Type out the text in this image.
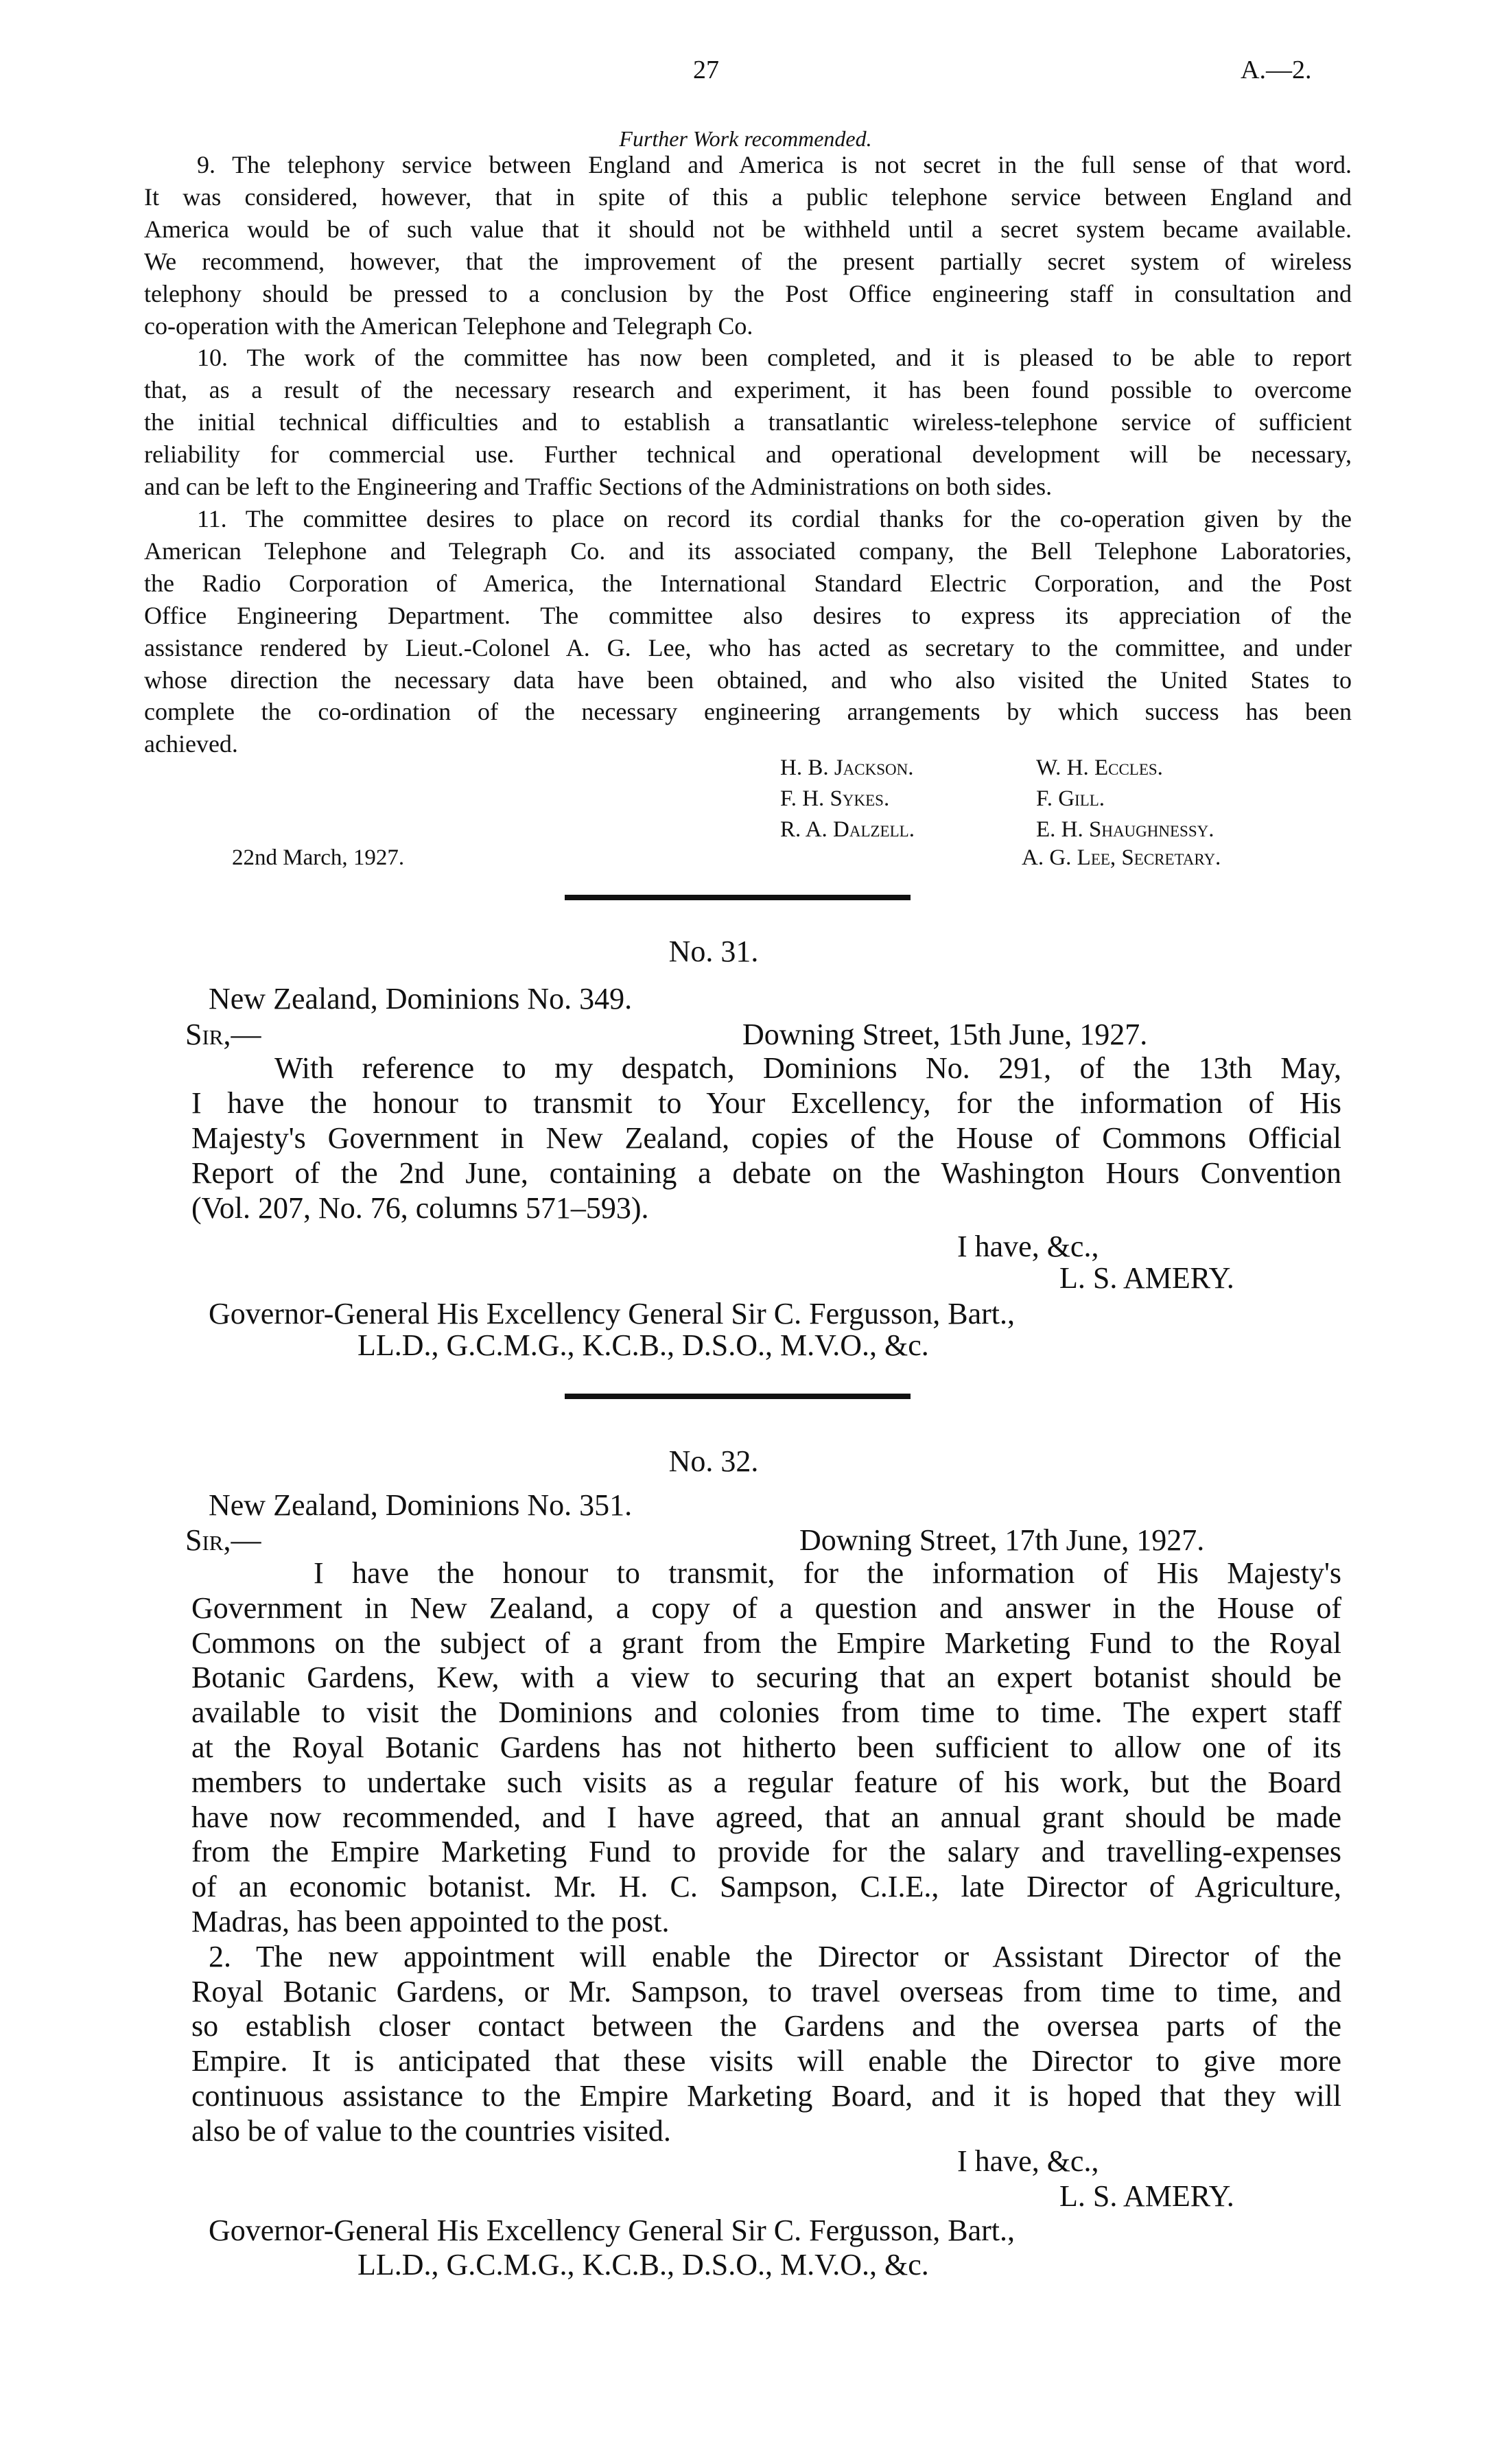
27	A.—2.
Further Work recommended.
9. The telephony service between England and America is not secret in the full sense of that word.
It was considered, however, that in spite of this a public telephone service between England and
America would be of such value that it should not be withheld until a secret system became available.
We recommend, however, that the improvement of the present partially secret system of wireless
telephony should be pressed to a conclusion by the Post Office engineering staff in consultation and
co-operation with the American Telephone and Telegraph Co.
10. The work of the committee has now been completed, and it is pleased to be able to report
that, as a result of the necessary research and experiment, it has been found possible to overcome
the initial technical difficulties and to establish a transatlantic wireless-telephone service of sufficient
reliability for commercial use. Further technical and operational development will be necessary,
and can be left to the Engineering and Traffic Sections of the Administrations on both sides.
11. The committee desires to place on record its cordial thanks for the co-operation given by the
American Telephone and Telegraph Co. and its associated company, the Bell Telephone Laboratories,
the Radio Corporation of America, the International Standard Electric Corporation, and the Post
Office Engineering Department. The committee also desires to express its appreciation of the
assistance rendered by Lieut.-Colonel A. G. Lee, who has acted as secretary to the committee, and under
whose direction the necessary data have been obtained, and who also visited the United States to
complete the co-ordination of the necessary engineering arrangements by which success has been
achieved.
H. B. Jackson.
F. H. Sykes.
R. A. Dalzell.
W. H. Eccles.
F. Gill.
E. H. Shaughnessy.
22nd March, 1927.	A. G. Lee, Secretary.
No. 31.
New Zealand, Dominions No. 349.
Sir,—	Downing Street, 15th June, 1927.
With reference to my despatch, Dominions No. 291, of the 13th May,
I have the honour to transmit to Your Excellency, for the information of His
Majesty's Government in New Zealand, copies of the House of Commons Official
Report of the 2nd June, containing a debate on the Washington Hours Convention
(Vol. 207, No. 76, columns 571–593).
I have, &c.,
L. S. AMERY.
Governor-General His Excellency General Sir C. Fergusson, Bart.,
LL.D., G.C.M.G., K.C.B., D.S.O., M.V.O., &c.
No. 32.
New Zealand, Dominions No. 351.
Sir,—	Downing Street, 17th June, 1927.
I have the honour to transmit, for the information of His Majesty's
Government in New Zealand, a copy of a question and answer in the House of
Commons on the subject of a grant from the Empire Marketing Fund to the Royal
Botanic Gardens, Kew, with a view to securing that an expert botanist should be
available to visit the Dominions and colonies from time to time. The expert staff
at the Royal Botanic Gardens has not hitherto been sufficient to allow one of its
members to undertake such visits as a regular feature of his work, but the Board
have now recommended, and I have agreed, that an annual grant should be made
from the Empire Marketing Fund to provide for the salary and travelling-expenses
of an economic botanist. Mr. H. C. Sampson, C.I.E., late Director of Agriculture,
Madras, has been appointed to the post.
2. The new appointment will enable the Director or Assistant Director of the
Royal Botanic Gardens, or Mr. Sampson, to travel overseas from time to time, and
so establish closer contact between the Gardens and the oversea parts of the
Empire. It is anticipated that these visits will enable the Director to give more
continuous assistance to the Empire Marketing Board, and it is hoped that they will
also be of value to the countries visited.
I have, &c.,
L. S. AMERY.
Governor-General His Excellency General Sir C. Fergusson, Bart.,
LL.D., G.C.M.G., K.C.B., D.S.O., M.V.O., &c.
